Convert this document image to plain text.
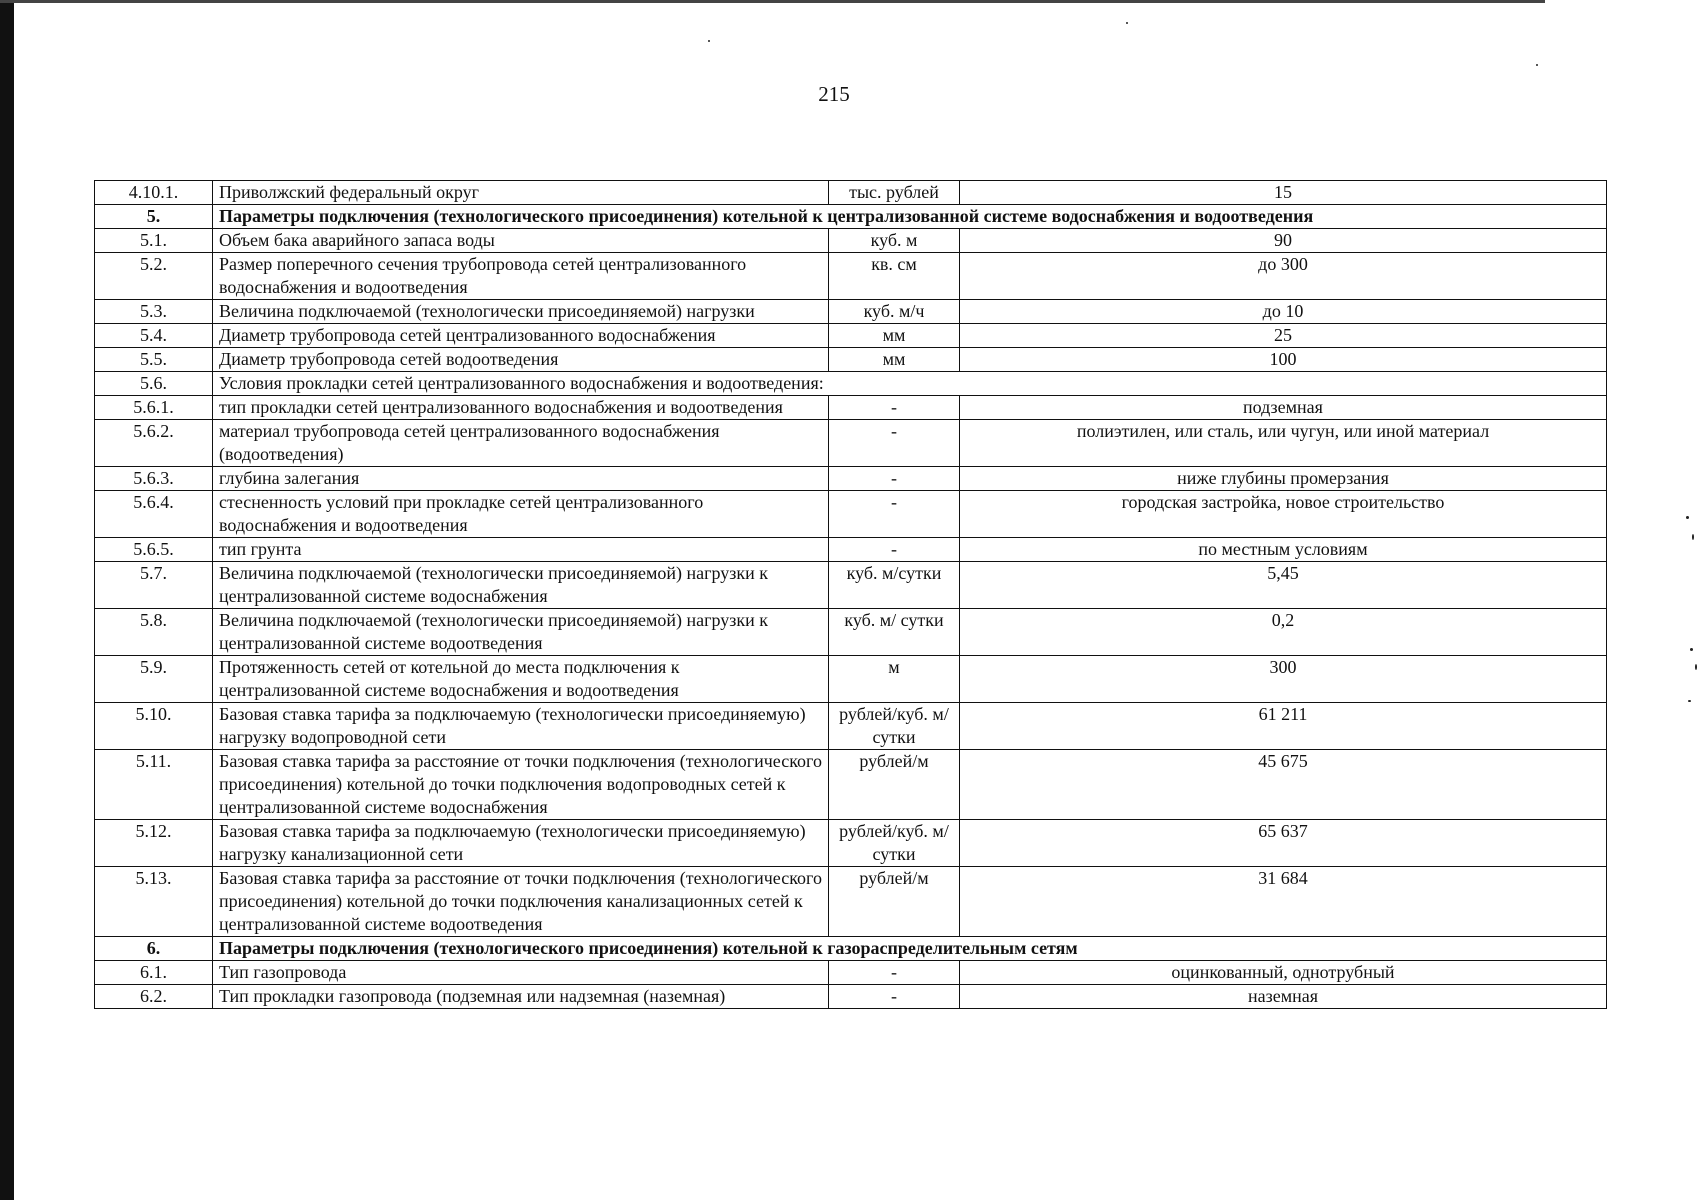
215
4.10.1.	Приволжский федеральный округ	тыс. рублей	15
5.	Параметры подключения (технологического присоединения) котельной к централизованной системе водоснабжения и водоотведения		
5.1.	Объем бака аварийного запаса воды	куб. м	90
5.2.	Размер поперечного сечения трубопровода сетей централизованного водоснабжения и водоотведения	кв. см	до 300
5.3.	Величина подключаемой (технологически присоединяемой) нагрузки	куб. м/ч	до 10
5.4.	Диаметр трубопровода сетей централизованного водоснабжения	мм	25
5.5.	Диаметр трубопровода сетей водоотведения	мм	100
5.6.	Условия прокладки сетей централизованного водоснабжения и водоотведения:		
5.6.1.	тип прокладки сетей централизованного водоснабжения и водоотведения	-	подземная
5.6.2.	материал трубопровода сетей централизованного водоснабжения (водоотведения)	-	полиэтилен, или сталь, или чугун, или иной материал
5.6.3.	глубина залегания	-	ниже глубины промерзания
5.6.4.	стесненность условий при прокладке сетей централизованного водоснабжения и водоотведения	-	городская застройка, новое строительство
5.6.5.	тип грунта	-	по местным условиям
5.7.	Величина подключаемой (технологически присоединяемой) нагрузки к централизованной системе водоснабжения	куб. м/сутки	5,45
5.8.	Величина подключаемой (технологически присоединяемой) нагрузки к централизованной системе водоотведения	куб. м/ сутки	0,2
5.9.	Протяженность сетей от котельной до места подключения к централизованной системе водоснабжения и водоотведения	м	300
5.10.	Базовая ставка тарифа за подключаемую (технологически присоединяемую) нагрузку водопроводной сети	рублей/куб. м/сутки	61 211
5.11.	Базовая ставка тарифа за расстояние от точки подключения (технологического присоединения) котельной до точки подключения водопроводных сетей к централизованной системе водоснабжения	рублей/м	45 675
5.12.	Базовая ставка тарифа за подключаемую (технологически присоединяемую) нагрузку канализационной сети	рублей/куб. м/сутки	65 637
5.13.	Базовая ставка тарифа за расстояние от точки подключения (технологического присоединения) котельной до точки подключения канализационных сетей к централизованной системе водоотведения	рублей/м	31 684
6.	Параметры подключения (технологического присоединения) котельной к газораспределительным сетям		
6.1.	Тип газопровода	-	оцинкованный, однотрубный
6.2.	Тип прокладки газопровода (подземная или надземная (наземная)	-	наземная
